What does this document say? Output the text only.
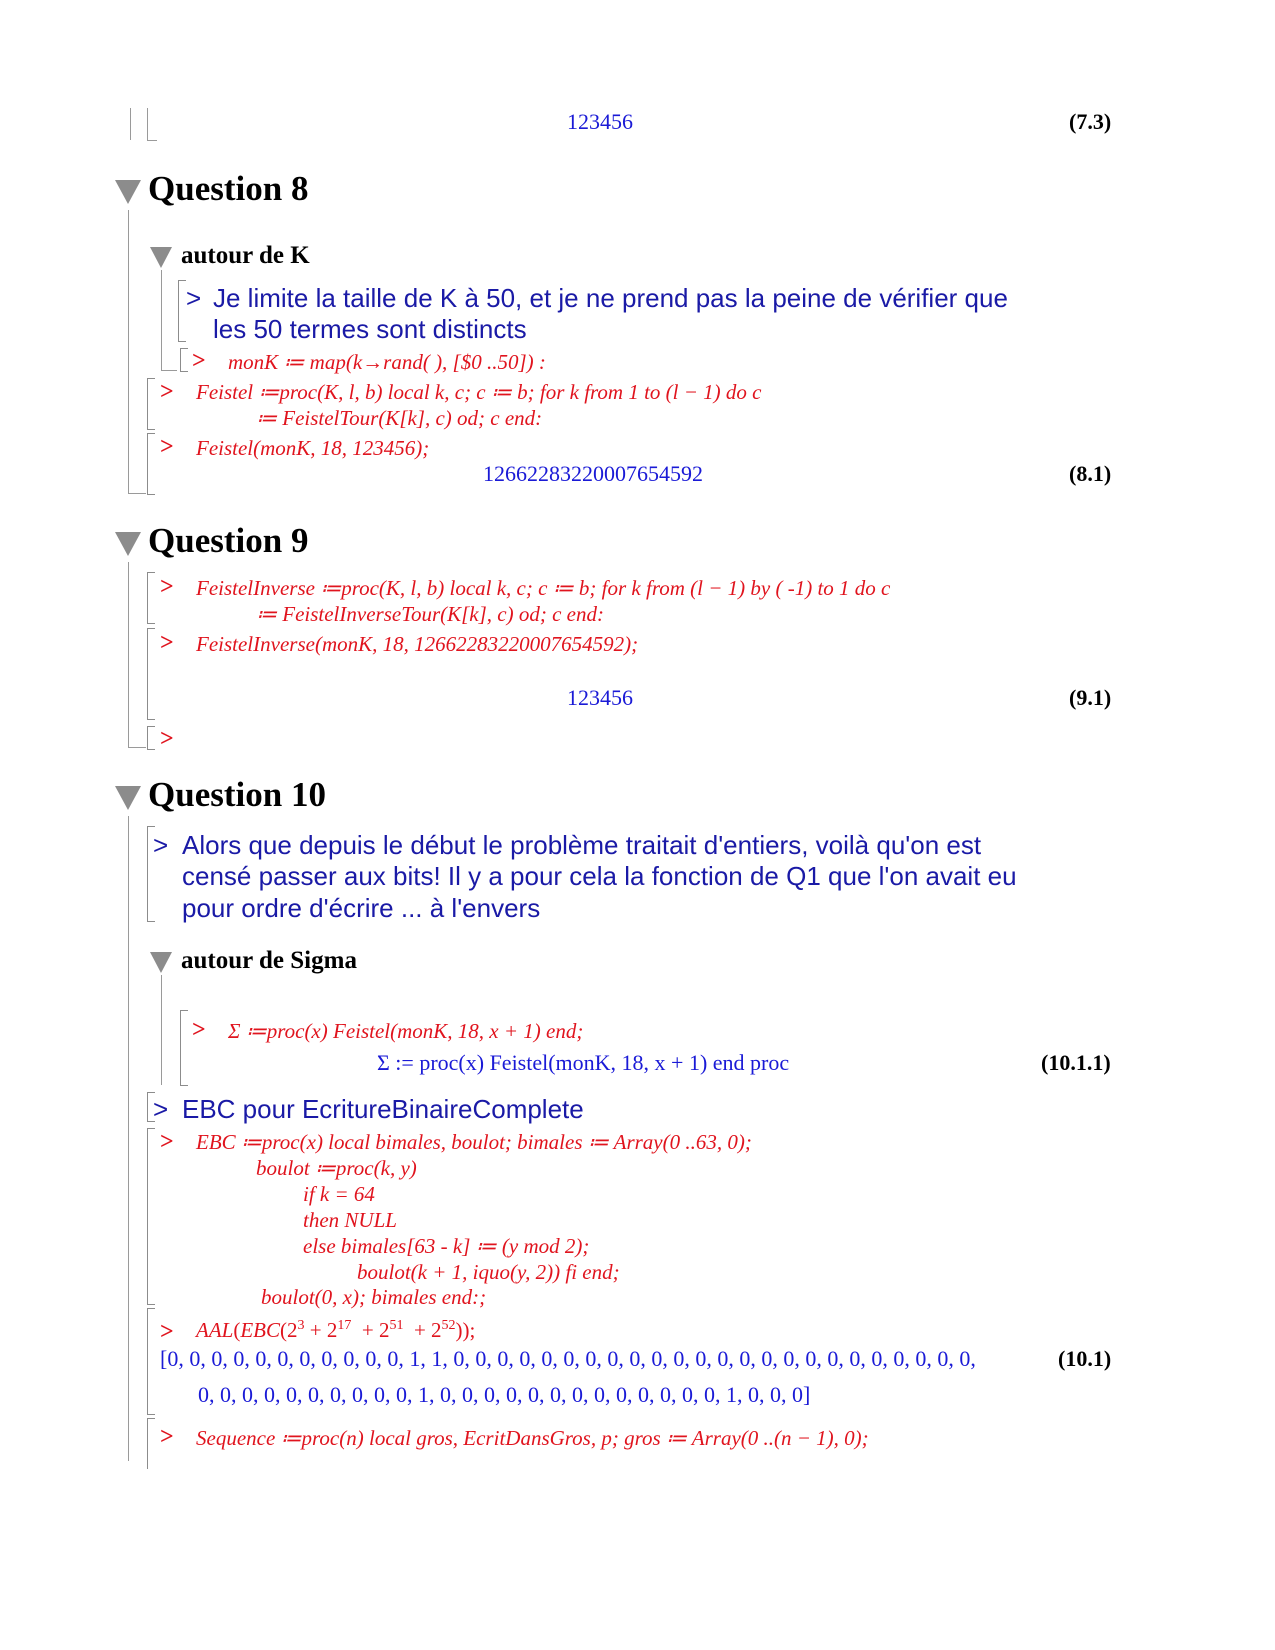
123456	(7.3)
Question 8
autour de K
> Je limite la taille de K à 50, et je ne prend pas la peine de vérifier que
les 50 termes sont distincts
> monK ≔ map(k→rand( ), [$0 ..50]) :
> Feistel ≔proc(K, l, b) local k, c; c ≔ b; for k from 1 to (l − 1) do c
≔ FeistelTour(K[k], c) od; c end:
> Feistel(monK, 18, 123456);
12662283220007654592	(8.1)
Question 9
> FeistelInverse ≔proc(K, l, b) local k, c; c ≔ b; for k from (l − 1) by ( -1) to 1 do c
≔ FeistelInverseTour(K[k], c) od; c end:
> FeistelInverse(monK, 18, 12662283220007654592);
123456	(9.1)
>
Question 10
> Alors que depuis le début le problème traitait d'entiers, voilà qu'on est
censé passer aux bits! Il y a pour cela la fonction de Q1 que l'on avait eu
pour ordre d'écrire ... à l'envers
autour de Sigma
> Σ ≔proc(x) Feistel(monK, 18, x + 1) end;
Σ := proc(x) Feistel(monK, 18, x + 1) end proc	(10.1.1)
> EBC pour EcritureBinaireComplete
> EBC ≔proc(x) local bimales, boulot; bimales ≔ Array(0 ..63, 0);
boulot ≔proc(k, y)
if k = 64
then NULL
else bimales[63 - k] ≔ (y mod 2);
boulot(k + 1, iquo(y, 2)) fi end;
boulot(0, x); bimales end:;
> $AAL(EBC(2^3 + 2^{17} + 2^{51} + 2^{52}))$;
[0, 0, 0, 0, 0, 0, 0, 0, 0, 0, 0, 1, 1, 0, 0, 0, 0, 0, 0, 0, 0, 0, 0, 0, 0, 0, 0, 0, 0, 0, 0, 0, 0, 0, 0, 0, 0,	(10.1)
0, 0, 0, 0, 0, 0, 0, 0, 0, 0, 1, 0, 0, 0, 0, 0, 0, 0, 0, 0, 0, 0, 0, 0, 1, 0, 0, 0]
> Sequence ≔proc(n) local gros, EcritDansGros, p; gros ≔ Array(0 ..(n − 1), 0);
